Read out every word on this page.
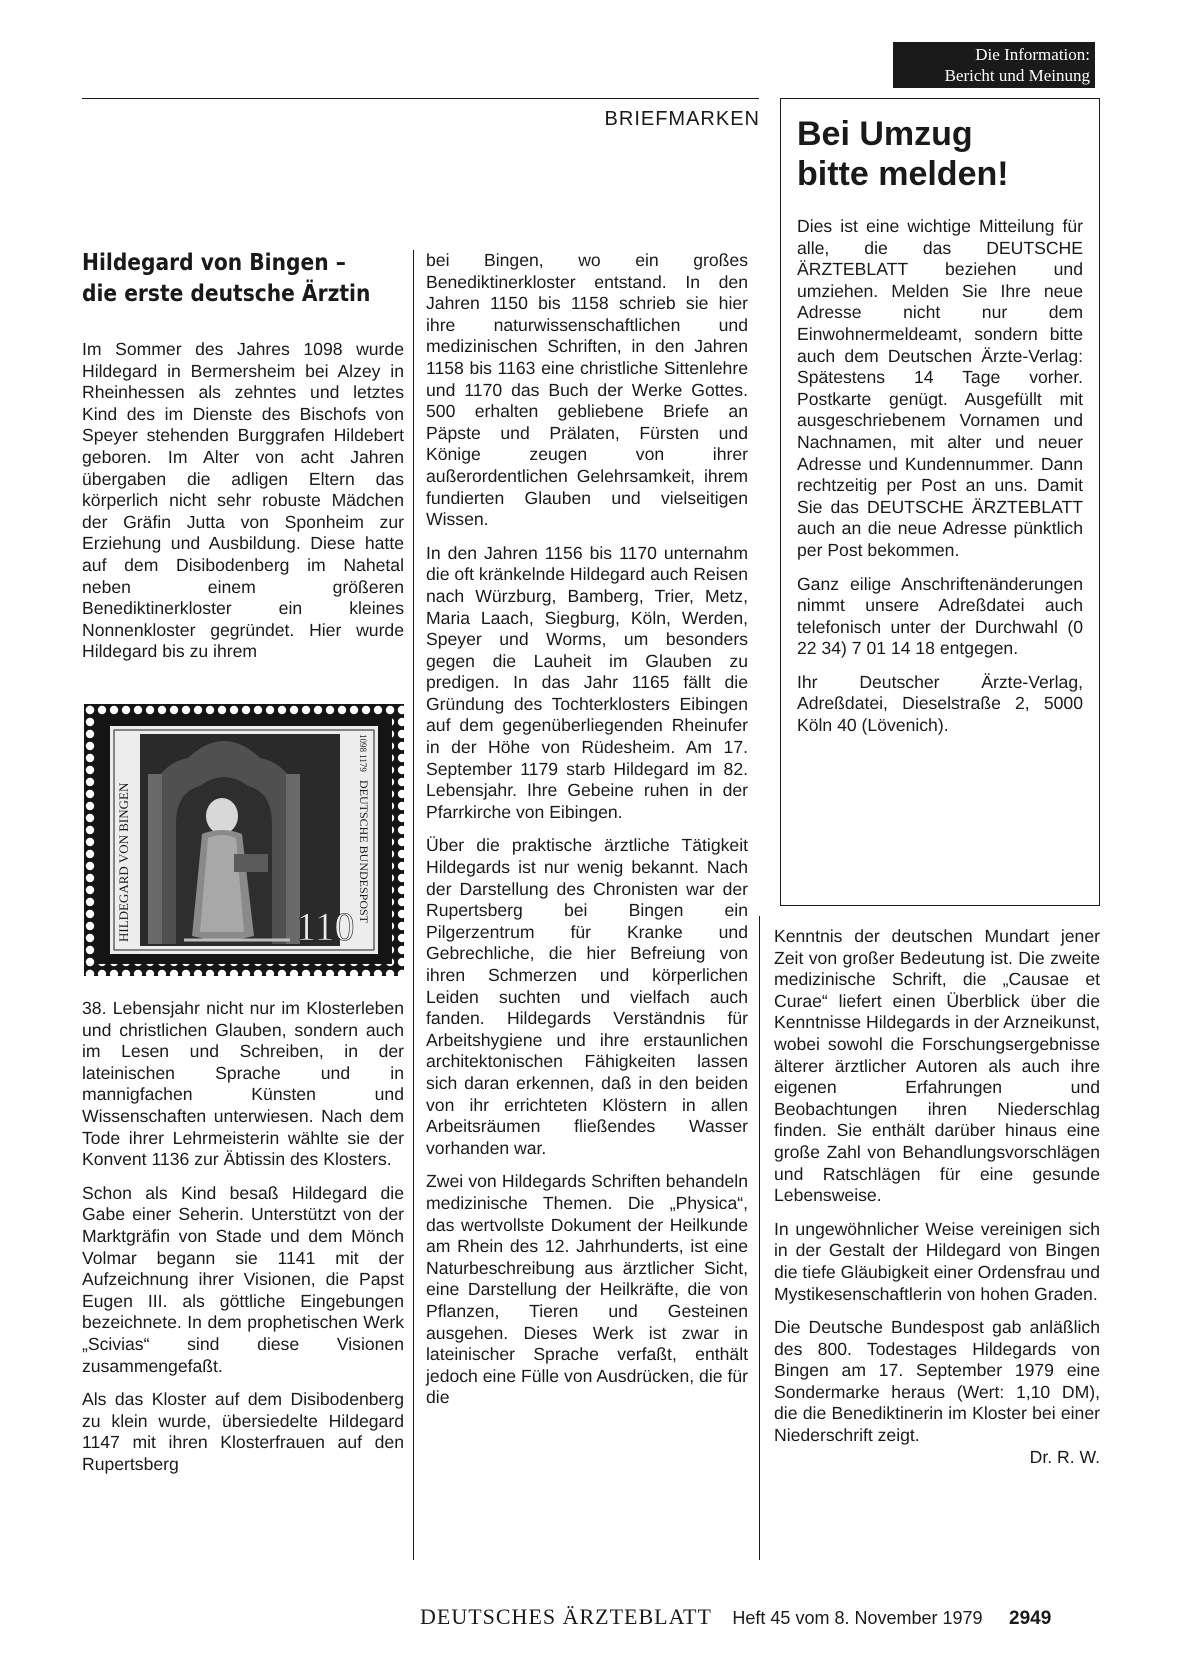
Die Information:
Bericht und Meinung
BRIEFMARKEN Bei Umzug
bitte melden!

Dies ist eine wichtige Mitteilung für alle, die das DEUTSCHE ÄRZTEBLATT beziehen und umziehen. Melden Sie Ihre neue Adresse nicht nur dem Einwohnermeldeamt, sondern bitte auch dem Deutschen Ärzte-Verlag: Spätestens 14 Tage vorher. Postkarte genügt. Ausgefüllt mit ausgeschriebenem Vornamen und Nachnamen, mit alter und neuer Adresse und Kundennummer. Dann rechtzeitig per Post an uns. Damit Sie das DEUTSCHE ÄRZTEBLATT auch an die neue Adresse pünktlich per Post bekommen.

Ganz eilige Anschriftenänderungen nimmt unsere Adreßdatei auch telefonisch unter der Durchwahl (0 22 34) 7 01 14 18 entgegen.

Ihr Deutscher Ärzte-Verlag, Adreßdatei, Dieselstraße 2, 5000 Köln 40 (Lövenich).

Hildegard von Bingen –
die erste deutsche Ärztin

Im Sommer des Jahres 1098 wurde Hildegard in Bermersheim bei Alzey in Rheinhessen als zehntes und letztes Kind des im Dienste des Bischofs von Speyer stehenden Burggrafen Hildebert geboren. Im Alter von acht Jahren übergaben die adligen Eltern das körperlich nicht sehr robuste Mädchen der Gräfin Jutta von Sponheim zur Erziehung und Ausbildung. Diese hatte auf dem Disibodenberg im Nahetal neben einem größeren Benediktinerkloster ein kleines Nonnenkloster gegründet. Hier wurde Hildegard bis zu ihrem

HILDEGARD VON BINGEN
1098 1179
DEUTSCHE BUNDESPOST
110

38. Lebensjahr nicht nur im Klosterleben und christlichen Glauben, sondern auch im Lesen und Schreiben, in der lateinischen Sprache und in mannigfachen Künsten und Wissenschaften unterwiesen. Nach dem Tode ihrer Lehrmeisterin wählte sie der Konvent 1136 zur Äbtissin des Klosters.

Schon als Kind besaß Hildegard die Gabe einer Seherin. Unterstützt von der Marktgräfin von Stade und dem Mönch Volmar begann sie 1141 mit der Aufzeichnung ihrer Visionen, die Papst Eugen III. als göttliche Eingebungen bezeichnete. In dem prophetischen Werk „Scivias“ sind diese Visionen zusammengefaßt.

Als das Kloster auf dem Disibodenberg zu klein wurde, übersiedelte Hildegard 1147 mit ihren Klosterfrauen auf den Rupertsberg

bei Bingen, wo ein großes Benediktinerkloster entstand. In den Jahren 1150 bis 1158 schrieb sie hier ihre naturwissenschaftlichen und medizinischen Schriften, in den Jahren 1158 bis 1163 eine christliche Sittenlehre und 1170 das Buch der Werke Gottes. 500 erhalten gebliebene Briefe an Päpste und Prälaten, Fürsten und Könige zeugen von ihrer außerordentlichen Gelehrsamkeit, ihrem fundierten Glauben und vielseitigen Wissen.

In den Jahren 1156 bis 1170 unternahm die oft kränkelnde Hildegard auch Reisen nach Würzburg, Bamberg, Trier, Metz, Maria Laach, Siegburg, Köln, Werden, Speyer und Worms, um besonders gegen die Lauheit im Glauben zu predigen. In das Jahr 1165 fällt die Gründung des Tochterklosters Eibingen auf dem gegenüberliegenden Rheinufer in der Höhe von Rüdesheim. Am 17. September 1179 starb Hildegard im 82. Lebensjahr. Ihre Gebeine ruhen in der Pfarrkirche von Eibingen.

Über die praktische ärztliche Tätigkeit Hildegards ist nur wenig bekannt. Nach der Darstellung des Chronisten war der Rupertsberg bei Bingen ein Pilgerzentrum für Kranke und Gebrechliche, die hier Befreiung von ihren Schmerzen und körperlichen Leiden suchten und vielfach auch fanden. Hildegards Verständnis für Arbeitshygiene und ihre erstaunlichen architektonischen Fähigkeiten lassen sich daran erkennen, daß in den beiden von ihr errichteten Klöstern in allen Arbeitsräumen fließendes Wasser vorhanden war.

Zwei von Hildegards Schriften behandeln medizinische Themen. Die „Physica“, das wertvollste Dokument der Heilkunde am Rhein des 12. Jahrhunderts, ist eine Naturbeschreibung aus ärztlicher Sicht, eine Darstellung der Heilkräfte, die von Pflanzen, Tieren und Gesteinen ausgehen. Dieses Werk ist zwar in lateinischer Sprache verfaßt, enthält jedoch eine Fülle von Ausdrücken, die für die

Kenntnis der deutschen Mundart jener Zeit von großer Bedeutung ist. Die zweite medizinische Schrift, die „Causae et Curae“ liefert einen Überblick über die Kenntnisse Hildegards in der Arzneikunst, wobei sowohl die Forschungsergebnisse älterer ärztlicher Autoren als auch ihre eigenen Erfahrungen und Beobachtungen ihren Niederschlag finden. Sie enthält darüber hinaus eine große Zahl von Behandlungsvorschlägen und Ratschlägen für eine gesunde Lebensweise.

In ungewöhnlicher Weise vereinigen sich in der Gestalt der Hildegard von Bingen die tiefe Gläubigkeit einer Ordensfrau und Mystikesenschaftlerin von hohen Graden.

Die Deutsche Bundespost gab anläßlich des 800. Todestages Hildegards von Bingen am 17. September 1979 eine Sondermarke heraus (Wert: 1,10 DM), die die Benediktinerin im Kloster bei einer Niederschrift zeigt.
Dr. R. W.

DEUTSCHES ÄRZTEBLATT Heft 45 vom 8. November 1979 2949
